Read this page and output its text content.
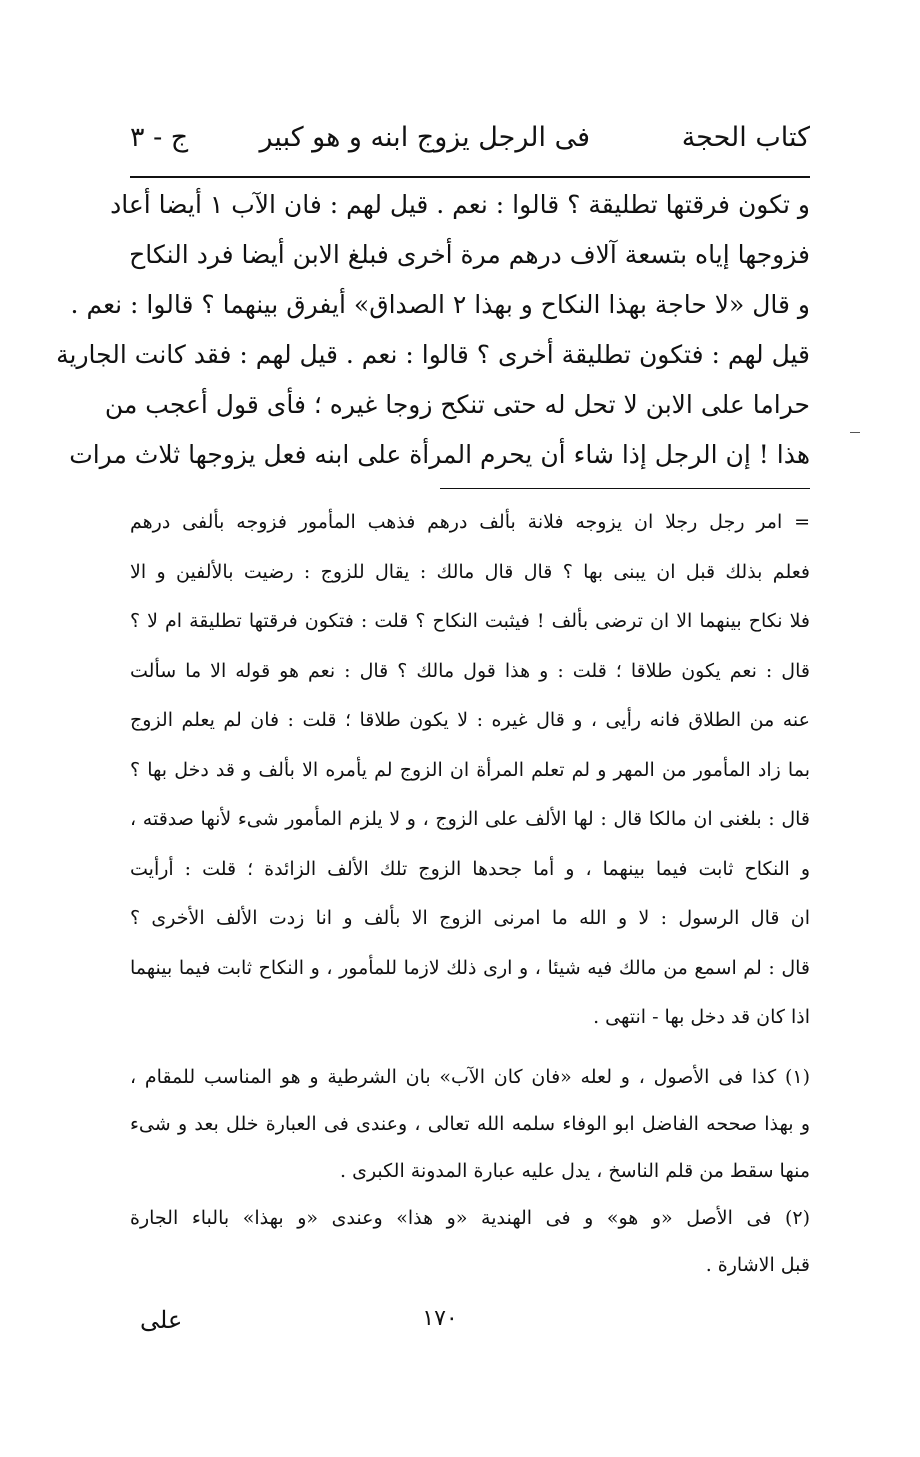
كتاب الحجة
فى الرجل يزوج ابنه و هو كبير
ج - ٣
و تكون فرقتها تطليقة ؟ قالوا : نعم . قيل لهم : فان الآب ١ أيضا أعاد
فزوجها إياه بتسعة آلاف درهم مرة أخرى فبلغ الابن أيضا فرد النكاح
و قال «لا حاجة بهذا النكاح و بهذا ٢ الصداق» أيفرق بينهما ؟ قالوا : نعم .
قيل لهم : فتكون تطليقة أخرى ؟ قالوا : نعم . قيل لهم : فقد كانت الجارية
حراما على الابن لا تحل له حتى تنكح زوجا غيره ؛ فأى قول أعجب من
هذا ! إن الرجل إذا شاء أن يحرم المرأة على ابنه فعل يزوجها ثلاث مرات
= امر رجل رجلا ان يزوجه فلانة بألف درهم فذهب المأمور فزوجه بألفى درهم
فعلم بذلك قبل ان يبنى بها ؟ قال قال مالك : يقال للزوج : رضيت بالألفين و الا
فلا نكاح بينهما الا ان ترضى بألف ! فيثبت النكاح ؟ قلت : فتكون فرقتها تطليقة ام لا ؟
قال : نعم يكون طلاقا ؛ قلت : و هذا قول مالك ؟ قال : نعم هو قوله الا ما سألت
عنه من الطلاق فانه رأيى ، و قال غيره : لا يكون طلاقا ؛ قلت : فان لم يعلم الزوج
بما زاد المأمور من المهر و لم تعلم المرأة ان الزوج لم يأمره الا بألف و قد دخل بها ؟
قال : بلغنى ان مالكا قال : لها الألف على الزوج ، و لا يلزم المأمور شىء لأنها صدقته ،
و النكاح ثابت فيما بينهما ، و أما جحدها الزوج تلك الألف الزائدة ؛ قلت : أرأيت
ان قال الرسول : لا و الله ما امرنى الزوج الا بألف و انا زدت الألف الأخرى ؟
قال : لم اسمع من مالك فيه شيئا ، و ارى ذلك لازما للمأمور ، و النكاح ثابت فيما بينهما
اذا كان قد دخل بها - انتهى .
(١) كذا فى الأصول ، و لعله «فان كان الآب» بان الشرطية و هو المناسب للمقام ،
و بهذا صححه الفاضل ابو الوفاء سلمه الله تعالى ، وعندى فى العبارة خلل بعد و شىء
منها سقط من قلم الناسخ ، يدل عليه عبارة المدونة الكبرى .
(٢) فى الأصل «و هو» و فى الهندية «و هذا» وعندى «و بهذا» بالباء الجارة
قبل الاشارة .
١٧٠
على
